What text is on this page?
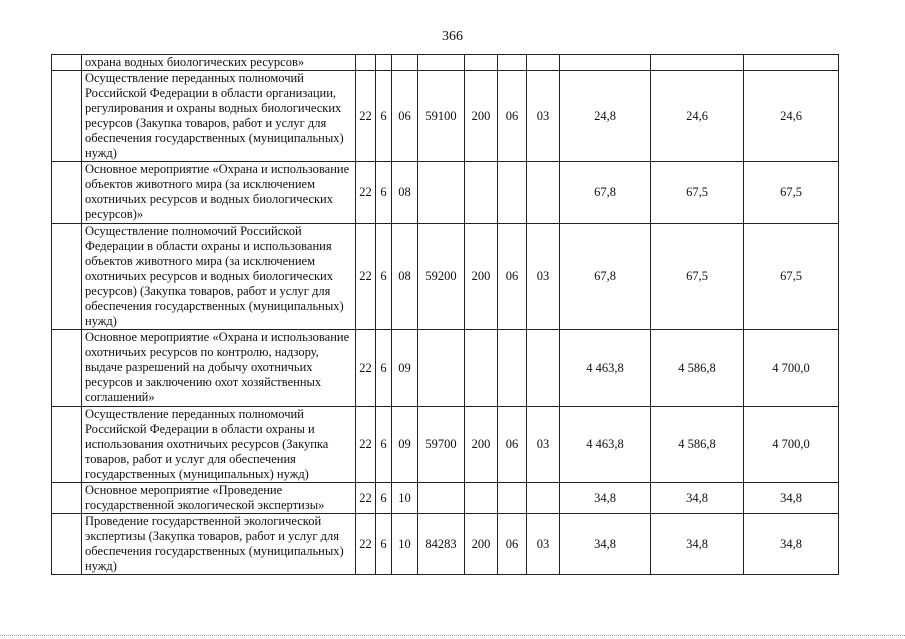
366
	охрана водных биологических ресурсов»										
	Осуществление переданных полномочий Российской Федерации в области организации, регулирования и охраны водных биологических ресурсов (Закупка товаров, работ и услуг для обеспечения государственных (муниципальных) нужд)	22	6	06	59100	200	06	03	24,8	24,6	24,6
	Основное мероприятие «Охрана и использование объектов животного мира (за исключением охотничьих ресурсов и водных биологических ресурсов)»	22	6	08					67,8	67,5	67,5
	Осуществление полномочий Российской Федерации в области охраны и использования объектов животного мира (за исключением охотничьих ресурсов и водных биологических ресурсов) (Закупка товаров, работ и услуг для обеспечения государственных (муниципальных) нужд)	22	6	08	59200	200	06	03	67,8	67,5	67,5
	Основное мероприятие «Охрана и использование охотничьих ресурсов по контролю, надзору, выдаче разрешений на добычу охотничьих ресурсов и заключению охот хозяйственных соглашений»	22	6	09					4 463,8	4 586,8	4 700,0
	Осуществление переданных полномочий Российской Федерации в области охраны и использования охотничьих ресурсов (Закупка товаров, работ и услуг для обеспечения государственных (муниципальных) нужд)	22	6	09	59700	200	06	03	4 463,8	4 586,8	4 700,0
	Основное мероприятие «Проведение государственной экологической экспертизы»	22	6	10					34,8	34,8	34,8
	Проведение государственной экологической экспертизы (Закупка товаров, работ и услуг для обеспечения государственных (муниципальных) нужд)	22	6	10	84283	200	06	03	34,8	34,8	34,8
